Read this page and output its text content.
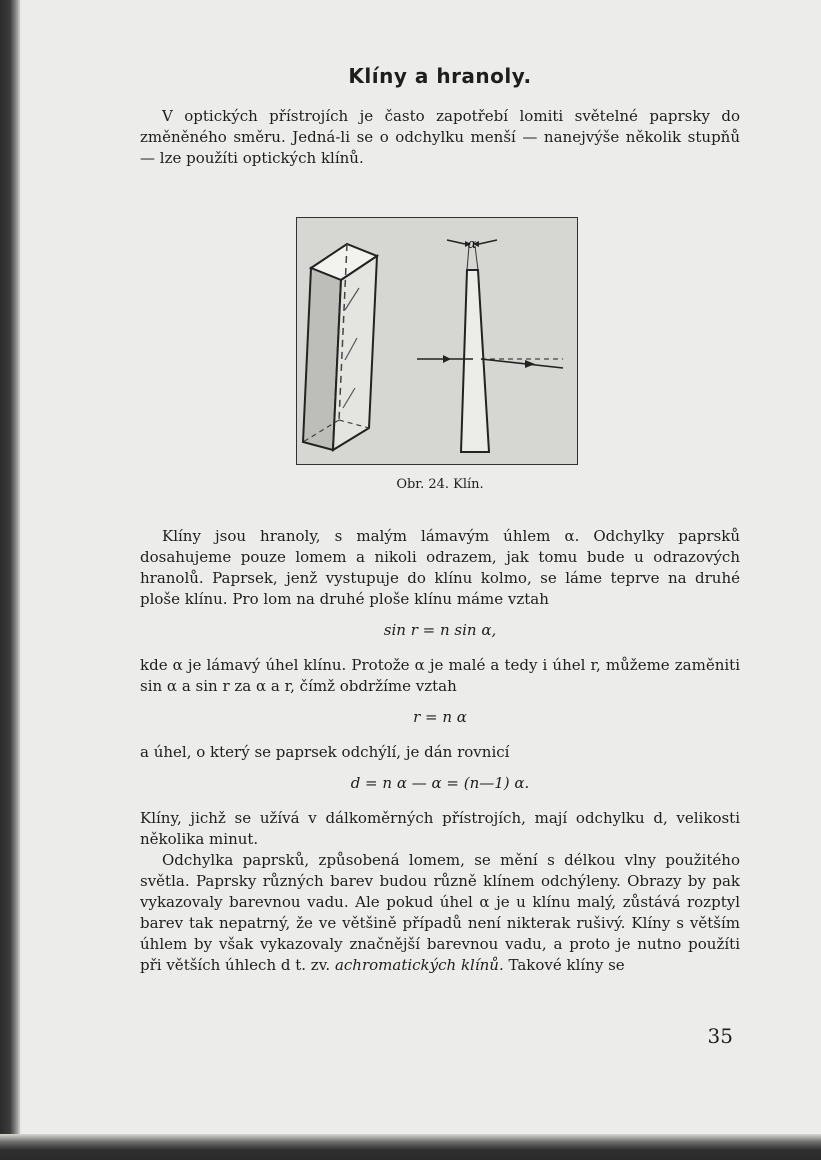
Klíny a hranoly.

V optických přístrojích je často zapotřebí lomiti světelné paprsky do změněného směru. Jedná-li se o odchylku menší — nanejvýše několik stupňů — lze použíti optických klínů.

α
Obr. 24. Klín.

Klíny jsou hranoly, s malým lámavým úhlem α. Odchylky paprsků dosahujeme pouze lomem a nikoli odrazem, jak tomu bude u odrazových hranolů. Paprsek, jenž vystupuje do klínu kolmo, se láme teprve na druhé ploše klínu. Pro lom na druhé ploše klínu máme vztah

sin r = n sin α,

kde α je lámavý úhel klínu. Protože α je malé a tedy i úhel r, můžeme zaměniti sin α a sin r za α a r, čímž obdržíme vztah

r = n α

a úhel, o který se paprsek odchýlí, je dán rovnicí

d = n α — α = (n—1) α.

Klíny, jichž se užívá v dálkoměrných přístrojích, mají odchylku d, velikosti několika minut.

Odchylka paprsků, způsobená lomem, se mění s délkou vlny použitého světla. Paprsky různých barev budou různě klínem odchýleny. Obrazy by pak vykazovaly barevnou vadu. Ale pokud úhel α je u klínu malý, zůstává rozptyl barev tak nepatrný, že ve většině případů není nikterak rušivý. Klíny s větším úhlem by však vykazovaly značnější barevnou vadu, a proto je nutno použíti při větších úhlech d t. zv. achromatických klínů. Takové klíny se

35
